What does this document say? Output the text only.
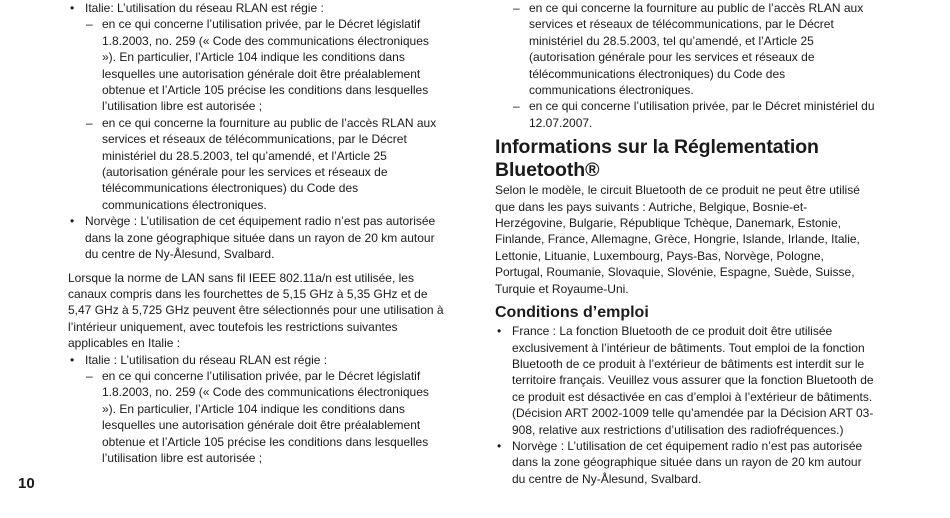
• Italie: L’utilisation du réseau RLAN est régie :
– en ce qui concerne l’utilisation privée, par le Décret législatif 1.8.2003, no. 259 (« Code des communications électroniques »). En particulier, l’Article 104 indique les conditions dans lesquelles une autorisation générale doit être préalablement obtenue et l’Article 105 précise les conditions dans lesquelles l’utilisation libre est autorisée ;
– en ce qui concerne la fourniture au public de l’accès RLAN aux services et réseaux de télécommunications, par le Décret ministériel du 28.5.2003, tel qu’amendé, et l’Article 25 (autorisation générale pour les services et réseaux de télécommunications électroniques) du Code des communications électroniques.
• Norvège : L’utilisation de cet équipement radio n’est pas autorisée dans la zone géographique située dans un rayon de 20 km autour du centre de Ny-Ålesund, Svalbard.

Lorsque la norme de LAN sans fil IEEE 802.11a/n est utilisée, les canaux compris dans les fourchettes de 5,15 GHz à 5,35 GHz et de 5,47 GHz à 5,725 GHz peuvent être sélectionnés pour une utilisation à l’intérieur uniquement, avec toutefois les restrictions suivantes applicables en Italie :

• Italie : L’utilisation du réseau RLAN est régie :
– en ce qui concerne l’utilisation privée, par le Décret législatif 1.8.2003, no. 259 (« Code des communications électroniques »). En particulier, l’Article 104 indique les conditions dans lesquelles une autorisation générale doit être préalablement obtenue et l’Article 105 précise les conditions dans lesquelles l’utilisation libre est autorisée ;
– en ce qui concerne la fourniture au public de l’accès RLAN aux services et réseaux de télécommunications, par le Décret ministériel du 28.5.2003, tel qu’amendé, et l’Article 25 (autorisation générale pour les services et réseaux de télécommunications électroniques) du Code des communications électroniques.
– en ce qui concerne l’utilisation privée, par le Décret ministériel du 12.07.2007.
Informations sur la Réglementation Bluetooth®

Selon le modèle, le circuit Bluetooth de ce produit ne peut être utilisé que dans les pays suivants : Autriche, Belgique, Bosnie-et-Herzégovine, Bulgarie, République Tchèque, Danemark, Estonie, Finlande, France, Allemagne, Grèce, Hongrie, Islande, Irlande, Italie, Lettonie, Lituanie, Luxembourg, Pays-Bas, Norvège, Pologne, Portugal, Roumanie, Slovaquie, Slovénie, Espagne, Suède, Suisse, Turquie et Royaume-Uni.

Conditions d’emploi
• France : La fonction Bluetooth de ce produit doit être utilisée exclusivement à l’intérieur de bâtiments. Tout emploi de la fonction Bluetooth de ce produit à l’extérieur de bâtiments est interdit sur le territoire français. Veuillez vous assurer que la fonction Bluetooth de ce produit est désactivée en cas d’emploi à l’extérieur de bâtiments. (Décision ART 2002-1009 telle qu’amendée par la Décision ART 03-908, relative aux restrictions d’utilisation des radiofréquences.)
• Norvège : L’utilisation de cet équipement radio n’est pas autorisée dans la zone géographique située dans un rayon de 20 km autour du centre de Ny-Ålesund, Svalbard.
10
